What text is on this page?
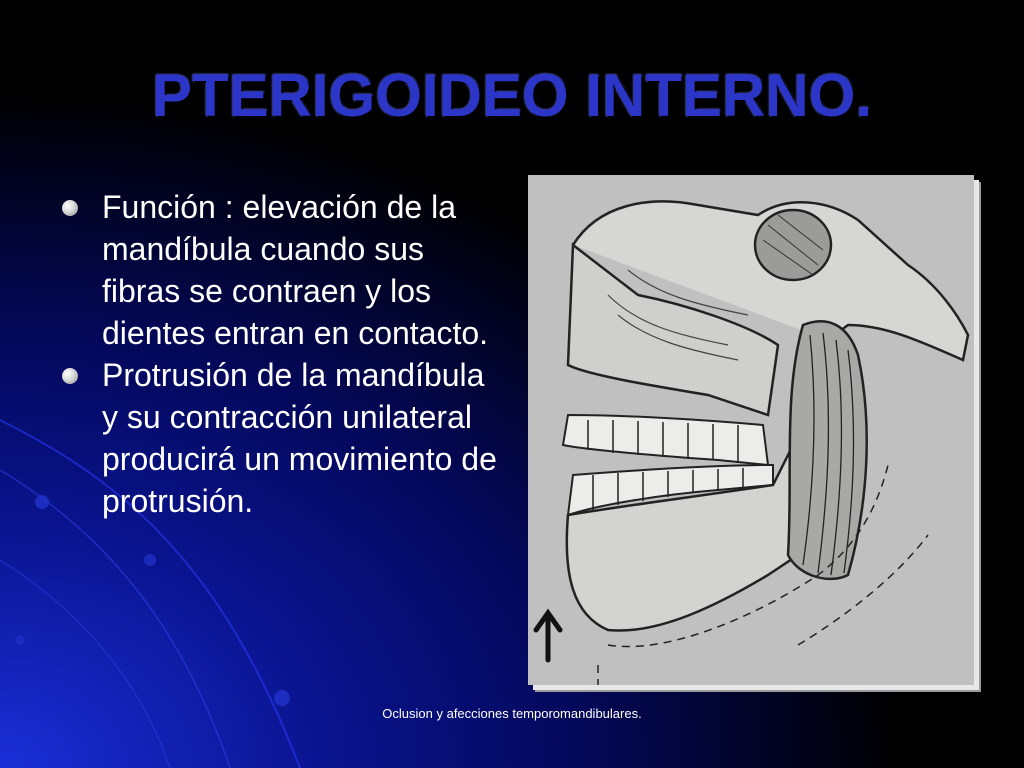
PTERIGOIDEO INTERNO.
Función : elevación de la mandíbula cuando sus fibras se contraen y los dientes entran en contacto.
Protrusión de la mandíbula y su contracción unilateral producirá un movimiento de protrusión.

Oclusion y afecciones temporomandibulares.
